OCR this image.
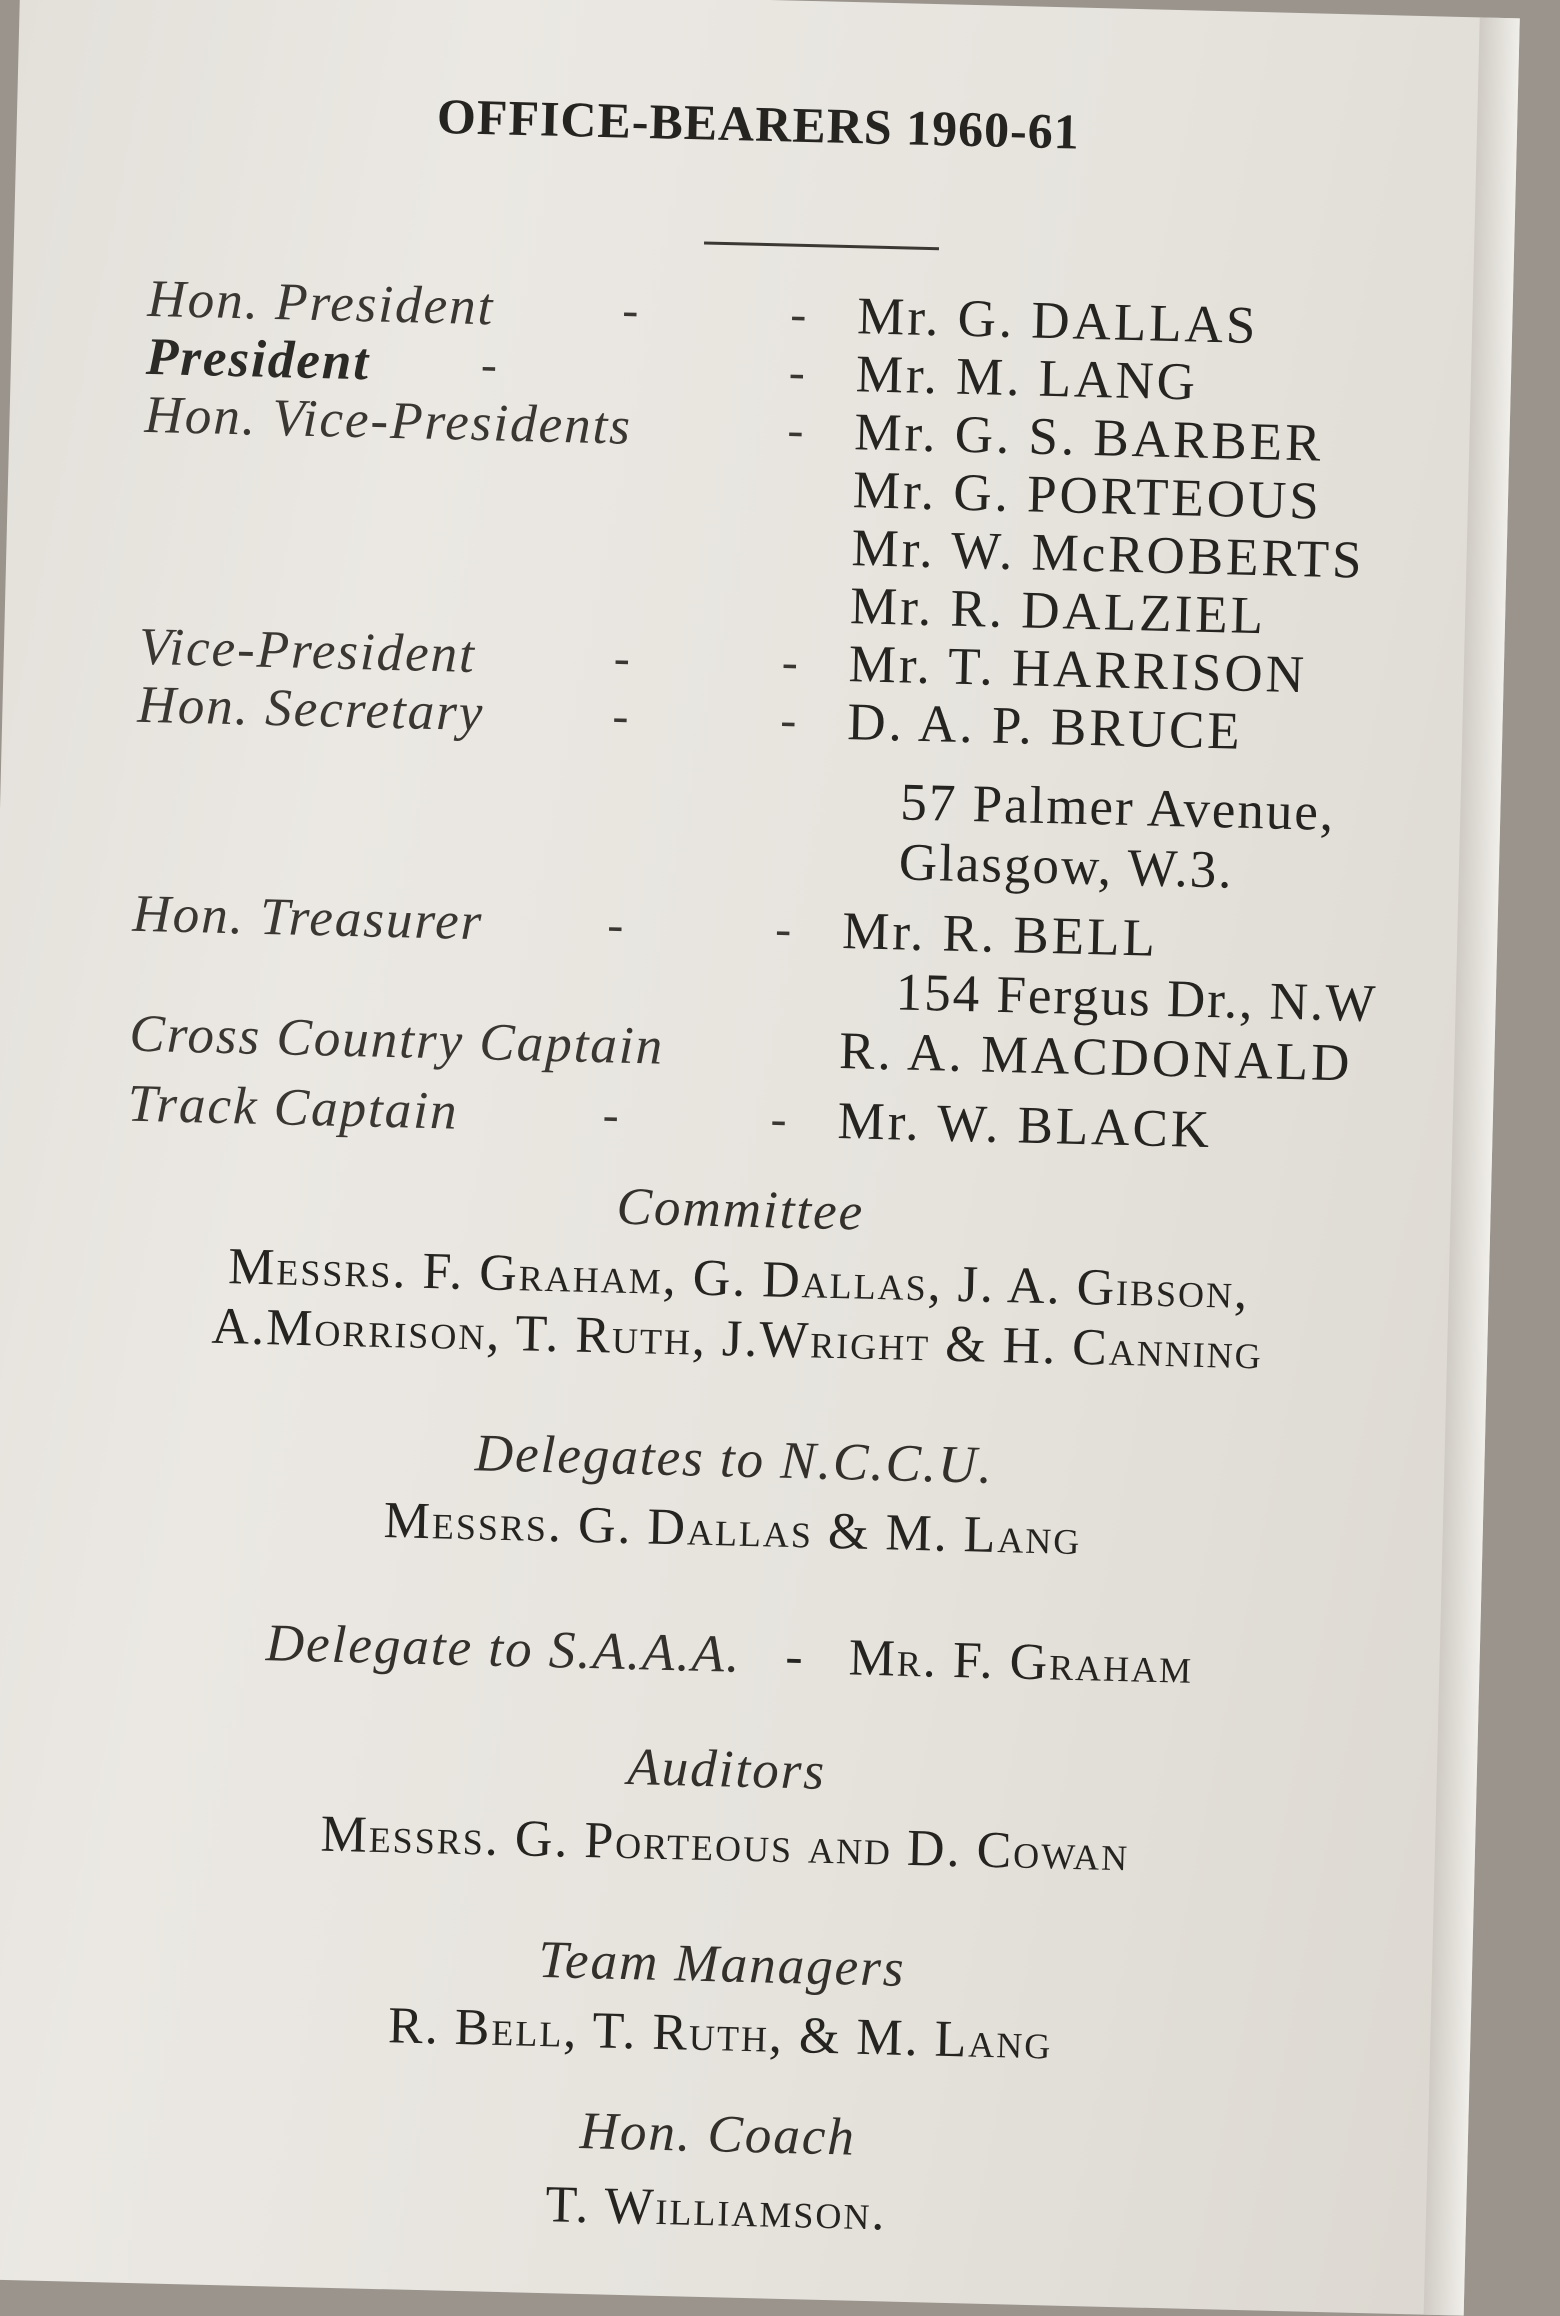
OFFICE-BEARERS 1960-61
Hon. President	-	- Mr. G. DALLAS
President -	- Mr. M. LANG
Hon. Vice-Presidents	- Mr. G. S. BARBER
Mr. G. PORTEOUS
Mr. W. McROBERTS
Mr. R. DALZIEL
Vice-President	-	- Mr. T. HARRISON
Hon. Secretary	-	- D. A. P. BRUCE
57 Palmer Avenue,
Glasgow, W.3.
Hon. Treasurer	-	- Mr. R. BELL
154 Fergus Dr., N.W
Cross Country Captain	R. A. MACDONALD
Track Captain	-	- Mr. W. BLACK
Committee
Messrs. F. Graham, G. Dallas, J. A. Gibson,
A.Morrison, T. Ruth, J.Wright & H. Canning
Delegates to N.C.C.U.
Messrs. G. Dallas & M. Lang
Delegate to S.A.A.A. - Mr. F. Graham
Auditors
Messrs. G. Porteous and D. Cowan
Team Managers
R. Bell, T. Ruth, & M. Lang
Hon. Coach
T. Williamson.
